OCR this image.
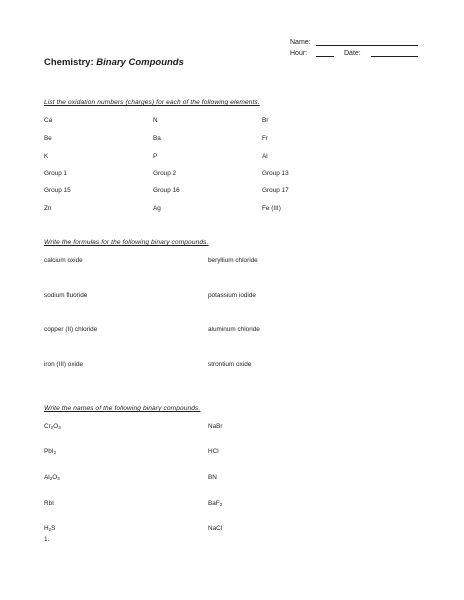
Name:
Hour:	Date:
Chemistry: Binary Compounds
List the oxidation numbers (charges) for each of the following elements.
Ca	N	Br
Be	Ba	Fr
K	P	Al
Group 1	Group 2	Group 13
Group 15	Group 16	Group 17
Zn	Ag	Fe (III)
Write the formulas for the following binary compounds.
calcium oxide	beryllium chloride
sodium fluoride	potassium iodide
copper (II) chloride	aluminum chloride
iron (III) oxide	strontium oxide
Write the names of the following binary compounds.
$Cr_2O_3$	NaBr
PbI$_2$	HCl
$Al_2O_3$	BN
RbI	BaF$_2$
$H_2S$	NaCl
1.
